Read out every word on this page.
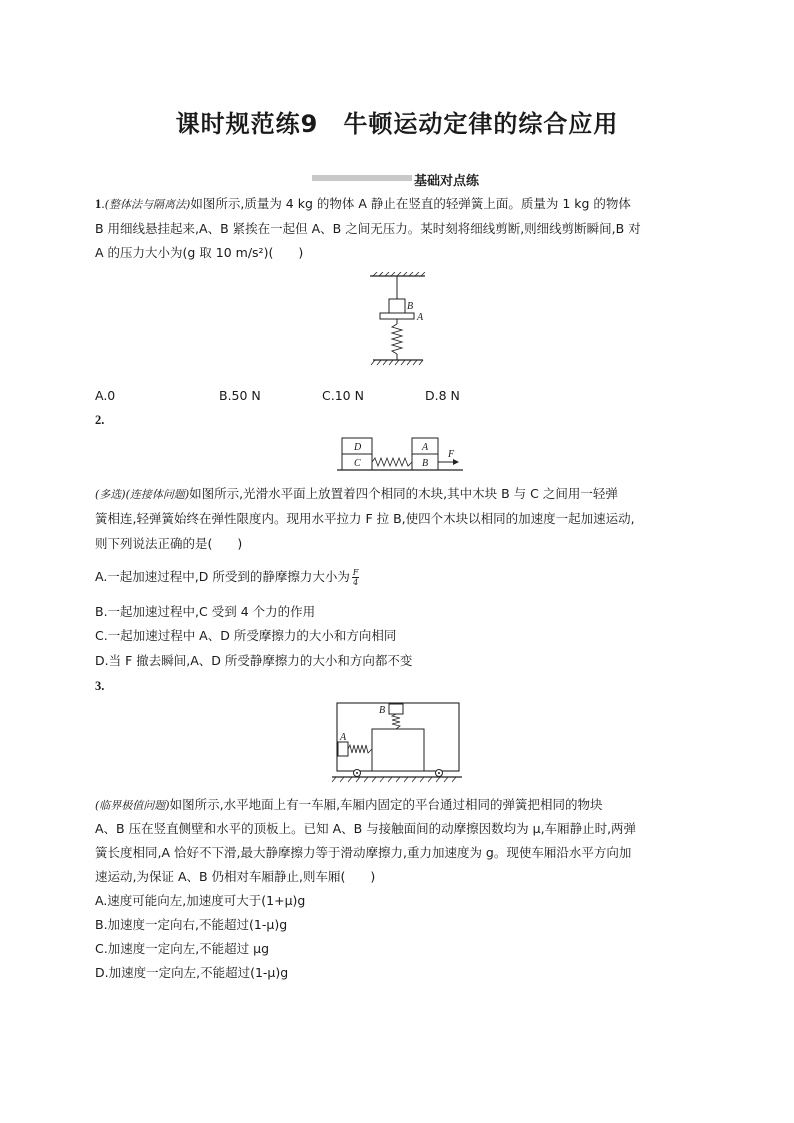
课时规范练9　牛顿运动定律的综合应用
基础对点练
1.(整体法与隔离法)如图所示,质量为 4 kg 的物体 A 静止在竖直的轻弹簧上面。质量为 1 kg 的物体
B 用细线悬挂起来,A、B 紧挨在一起但 A、B 之间无压力。某时刻将细线剪断,则细线剪断瞬间,B 对
A 的压力大小为(g 取 10 m/s²)(　　)
B
A
A.0	B.50 N	C.10 N	D.8 N
2.
D
C
A
B
F
(多选)(连接体问题)如图所示,光滑水平面上放置着四个相同的木块,其中木块 B 与 C 之间用一轻弹
簧相连,轻弹簧始终在弹性限度内。现用水平拉力 F 拉 B,使四个木块以相同的加速度一起加速运动,
则下列说法正确的是(　　)
A.一起加速过程中,D 所受到的静摩擦力大小为 $\frac{F}{4}$
B.一起加速过程中,C 受到 4 个力的作用
C.一起加速过程中 A、D 所受摩擦力的大小和方向相同
D.当 F 撤去瞬间,A、D 所受静摩擦力的大小和方向都不变
3.
B
A
(临界极值问题)如图所示,水平地面上有一车厢,车厢内固定的平台通过相同的弹簧把相同的物块
A、B 压在竖直侧壁和水平的顶板上。已知 A、B 与接触面间的动摩擦因数均为 μ,车厢静止时,两弹
簧长度相同,A 恰好不下滑,最大静摩擦力等于滑动摩擦力,重力加速度为 g。现使车厢沿水平方向加
速运动,为保证 A、B 仍相对车厢静止,则车厢(　　)
A.速度可能向左,加速度可大于(1+μ)g
B.加速度一定向右,不能超过(1-μ)g
C.加速度一定向左,不能超过 μg
D.加速度一定向左,不能超过(1-μ)g
